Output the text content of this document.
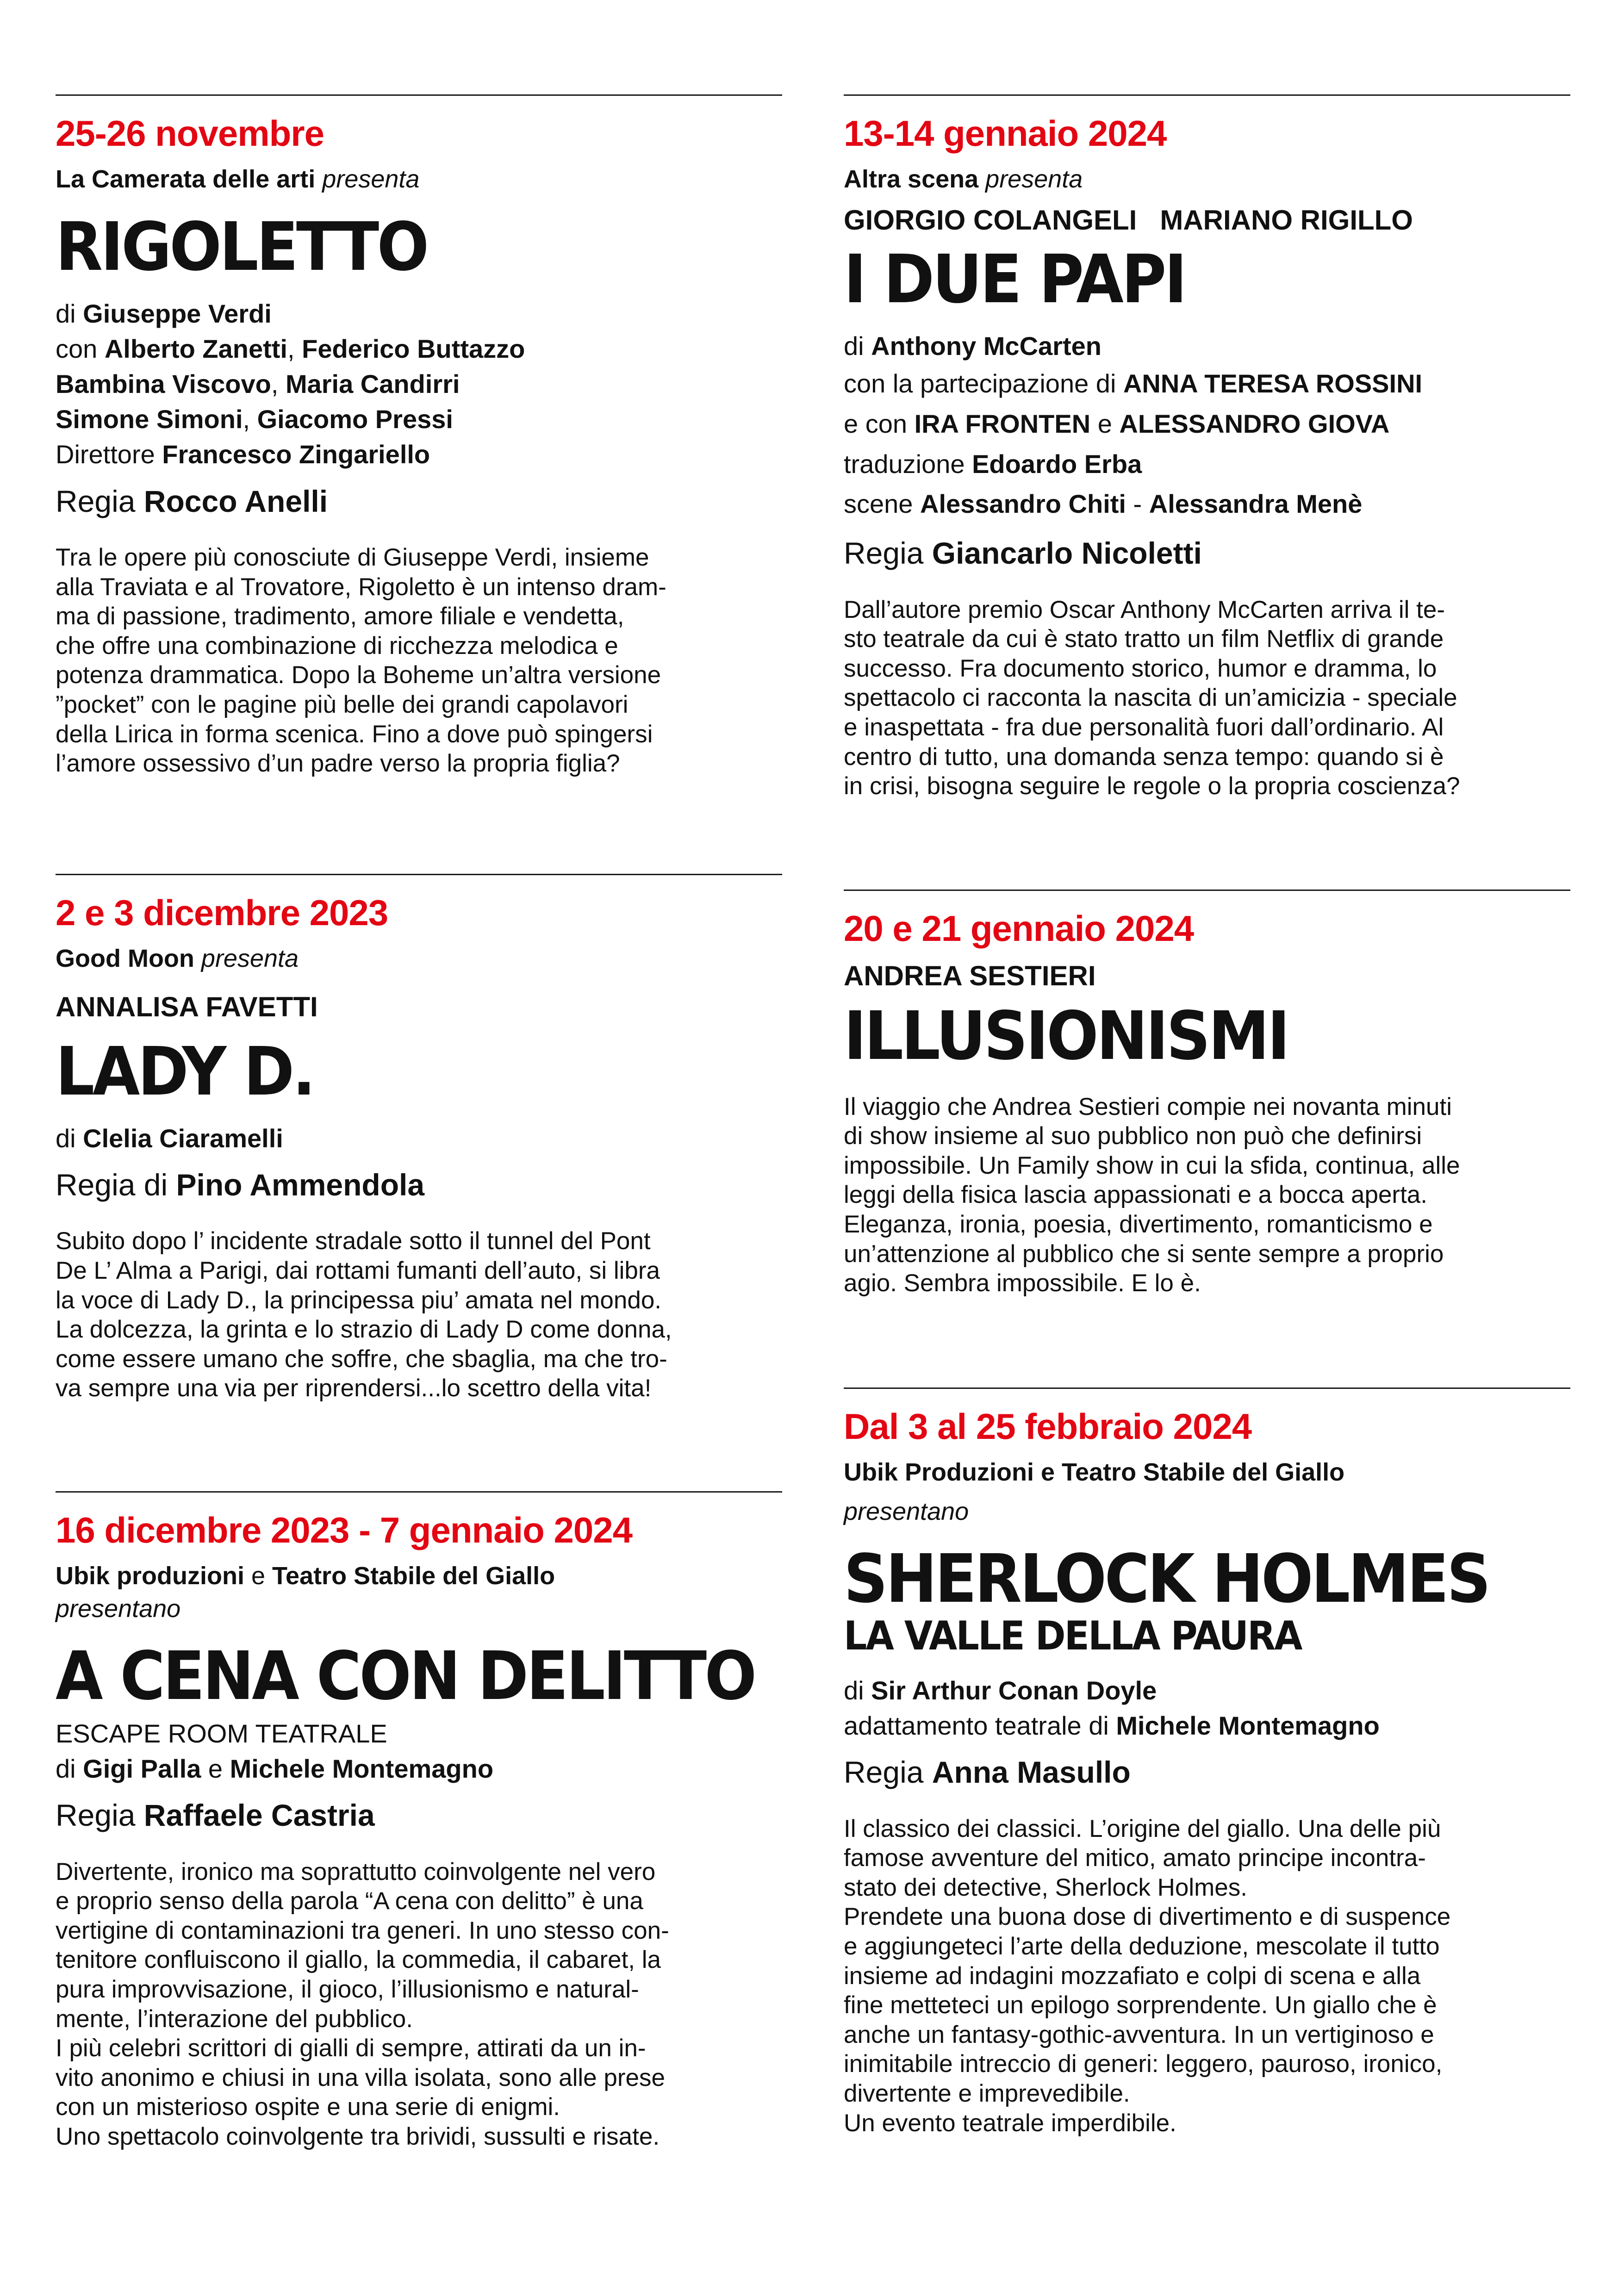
25-26 novembre
La Camerata delle arti presenta
RIGOLETTO

di Giuseppe Verdi

con Alberto Zanetti, Federico Buttazzo

Bambina Viscovo, Maria Candirri

Simone Simoni, Giacomo Pressi

Direttore Francesco Zingariello

Regia Rocco Anelli

Tra le opere più conosciute di Giuseppe Verdi, insieme
alla Traviata e al Trovatore, Rigoletto è un intenso dram-
ma di passione, tradimento, amore filiale e vendetta,
che offre una combinazione di ricchezza melodica e
potenza drammatica. Dopo la Boheme un’altra versione
”pocket” con le pagine più belle dei grandi capolavori
della Lirica in forma scenica. Fino a dove può spingersi
l’amore ossessivo d’un padre verso la propria figlia?
2 e 3 dicembre 2023
Good Moon presenta
ANNALISA FAVETTI
LADY D.

di Clelia Ciaramelli

Regia di Pino Ammendola

Subito dopo l’ incidente stradale sotto il tunnel del Pont
De L’ Alma a Parigi, dai rottami fumanti dell’auto, si libra
la voce di Lady D., la principessa piu’ amata nel mondo.
La dolcezza, la grinta e lo strazio di Lady D come donna,
come essere umano che soffre, che sbaglia, ma che tro-
va sempre una via per riprendersi...lo scettro della vita!
16 dicembre 2023 - 7 gennaio 2024
Ubik produzioni e Teatro Stabile del Giallo
presentano
A CENA CON DELITTO

ESCAPE ROOM TEATRALE

di Gigi Palla e Michele Montemagno

Regia Raffaele Castria

Divertente, ironico ma soprattutto coinvolgente nel vero
e proprio senso della parola “A cena con delitto” è una
vertigine di contaminazioni tra generi. In uno stesso con-
tenitore confluiscono il giallo, la commedia, il cabaret, la
pura improvvisazione, il gioco, l’illusionismo e natural-
mente, l’interazione del pubblico.
I più celebri scrittori di gialli di sempre, attirati da un in-
vito anonimo e chiusi in una villa isolata, sono alle prese
con un misterioso ospite e una serie di enigmi.
Uno spettacolo coinvolgente tra brividi, sussulti e risate.
13-14 gennaio 2024
Altra scena presenta
GIORGIO COLANGELI MARIANO RIGILLO
I DUE PAPI

di Anthony McCarten

con la partecipazione di ANNA TERESA ROSSINI

e con IRA FRONTEN e ALESSANDRO GIOVA

traduzione Edoardo Erba

scene Alessandro Chiti - Alessandra Menè

Regia Giancarlo Nicoletti

Dall’autore premio Oscar Anthony McCarten arriva il te-
sto teatrale da cui è stato tratto un film Netflix di grande
successo. Fra documento storico, humor e dramma, lo
spettacolo ci racconta la nascita di un’amicizia - speciale
e inaspettata - fra due personalità fuori dall’ordinario. Al
centro di tutto, una domanda senza tempo: quando si è
in crisi, bisogna seguire le regole o la propria coscienza?
20 e 21 gennaio 2024
ANDREA SESTIERI
ILLUSIONISMI
Il viaggio che Andrea Sestieri compie nei novanta minuti
di show insieme al suo pubblico non può che definirsi
impossibile. Un Family show in cui la sfida, continua, alle
leggi della fisica lascia appassionati e a bocca aperta.
Eleganza, ironia, poesia, divertimento, romanticismo e
un’attenzione al pubblico che si sente sempre a proprio
agio. Sembra impossibile. E lo è.
Dal 3 al 25 febbraio 2024
Ubik Produzioni e Teatro Stabile del Giallo
presentano
SHERLOCK HOLMES
LA VALLE DELLA PAURA

di Sir Arthur Conan Doyle

adattamento teatrale di Michele Montemagno

Regia Anna Masullo

Il classico dei classici. L’origine del giallo. Una delle più
famose avventure del mitico, amato principe incontra-
stato dei detective, Sherlock Holmes.
Prendete una buona dose di divertimento e di suspence
e aggiungeteci l’arte della deduzione, mescolate il tutto
insieme ad indagini mozzafiato e colpi di scena e alla
fine metteteci un epilogo sorprendente. Un giallo che è
anche un fantasy-gothic-avventura. In un vertiginoso e
inimitabile intreccio di generi: leggero, pauroso, ironico,
divertente e imprevedibile.
Un evento teatrale imperdibile.
